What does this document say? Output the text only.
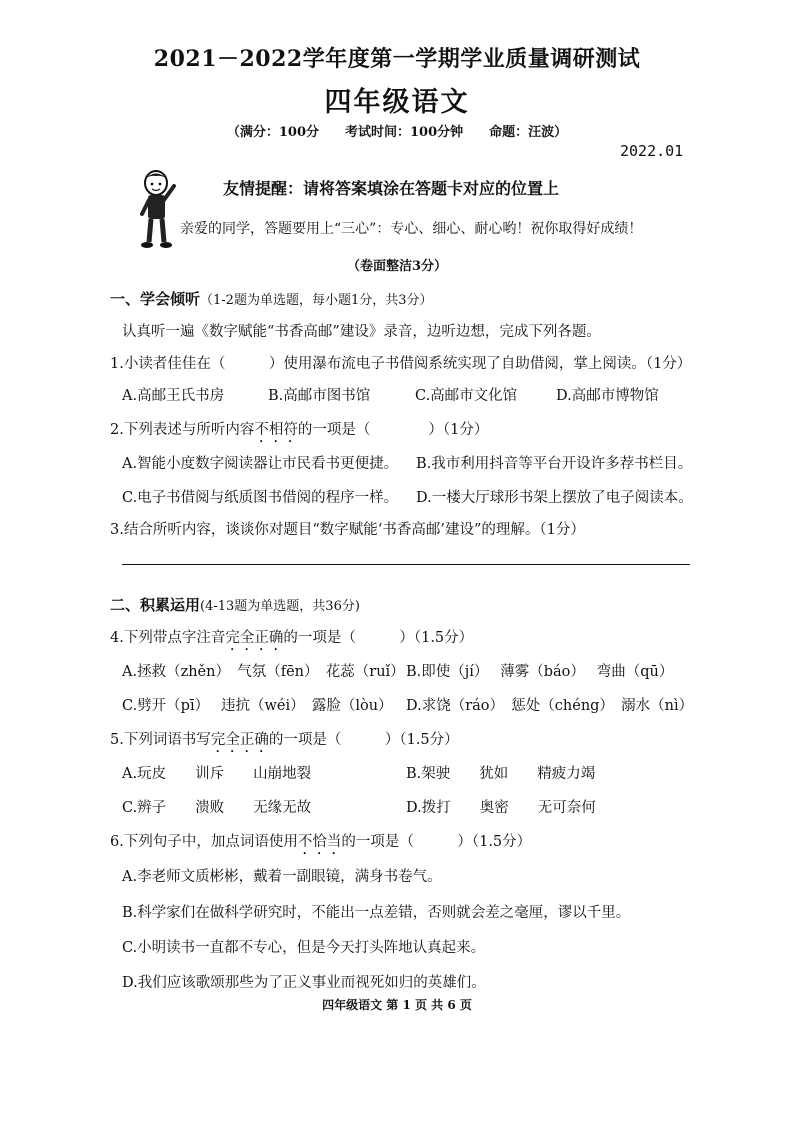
2021－2022学年度第一学期学业质量调研测试
四年级语文
（满分：100分　　考试时间：100分钟　　命题：汪波）
2022.01
友情提醒：请将答案填涂在答题卡对应的位置上
亲爱的同学，答题要用上“三心”：专心、细心、耐心哟！祝你取得好成绩！
（卷面整洁3分）
一、学会倾听（1-2题为单选题，每小题1分，共3分）
认真听一遍《数字赋能“书香高邮”建设》录音，边听边想，完成下列各题。
1.小读者佳佳在（　　　）使用瀑布流电子书借阅系统实现了自助借阅，掌上阅读。（1分）
A.高邮王氏书房	B.高邮市图书馆	C.高邮市文化馆	D.高邮市博物馆
2.下列表述与所听内容不相符的一项是（　　　　）（1分）
A.智能小度数字阅读器让市民看书更便捷。 B.我市利用抖音等平台开设许多荐书栏目。
C.电子书借阅与纸质图书借阅的程序一样。 D.一楼大厅球形书架上摆放了电子阅读本。
3.结合所听内容，谈谈你对题目“数字赋能‘书香高邮’建设”的理解。（1分）
二、积累运用(4-13题为单选题，共36分)
4.下列带点字注音完全正确的一项是（　　　）（1.5分）
A.拯救（zhěn）　气氛（fēn）　花蕊（ruǐ） B.即使（jí）　 薄雾（báo）　 弯曲（qū）
C.劈开（pī）　 违抗（wéi）　露脸（lòu） D.求饶（ráo）　惩处（chéng）　溺水（nì）
5.下列词语书写完全正确的一项是（　　　）（1.5分）
A.玩皮　　训斥　　山崩地裂	B.架驶　　犹如　　精疲力竭
C.辨子　　溃败　　无缘无故	D.拨打　　奥密　　无可奈何
6.下列句子中，加点词语使用不恰当的一项是（　　　）（1.5分）
A.李老师文质彬彬，戴着一副眼镜，满身书卷气。
B.科学家们在做科学研究时，不能出一点差错，否则就会差之毫厘，谬以千里。
C.小明读书一直都不专心，但是今天打头阵地认真起来。
D.我们应该歌颂那些为了正义事业而视死如归的英雄们。
四年级语文 第 1 页 共 6 页
